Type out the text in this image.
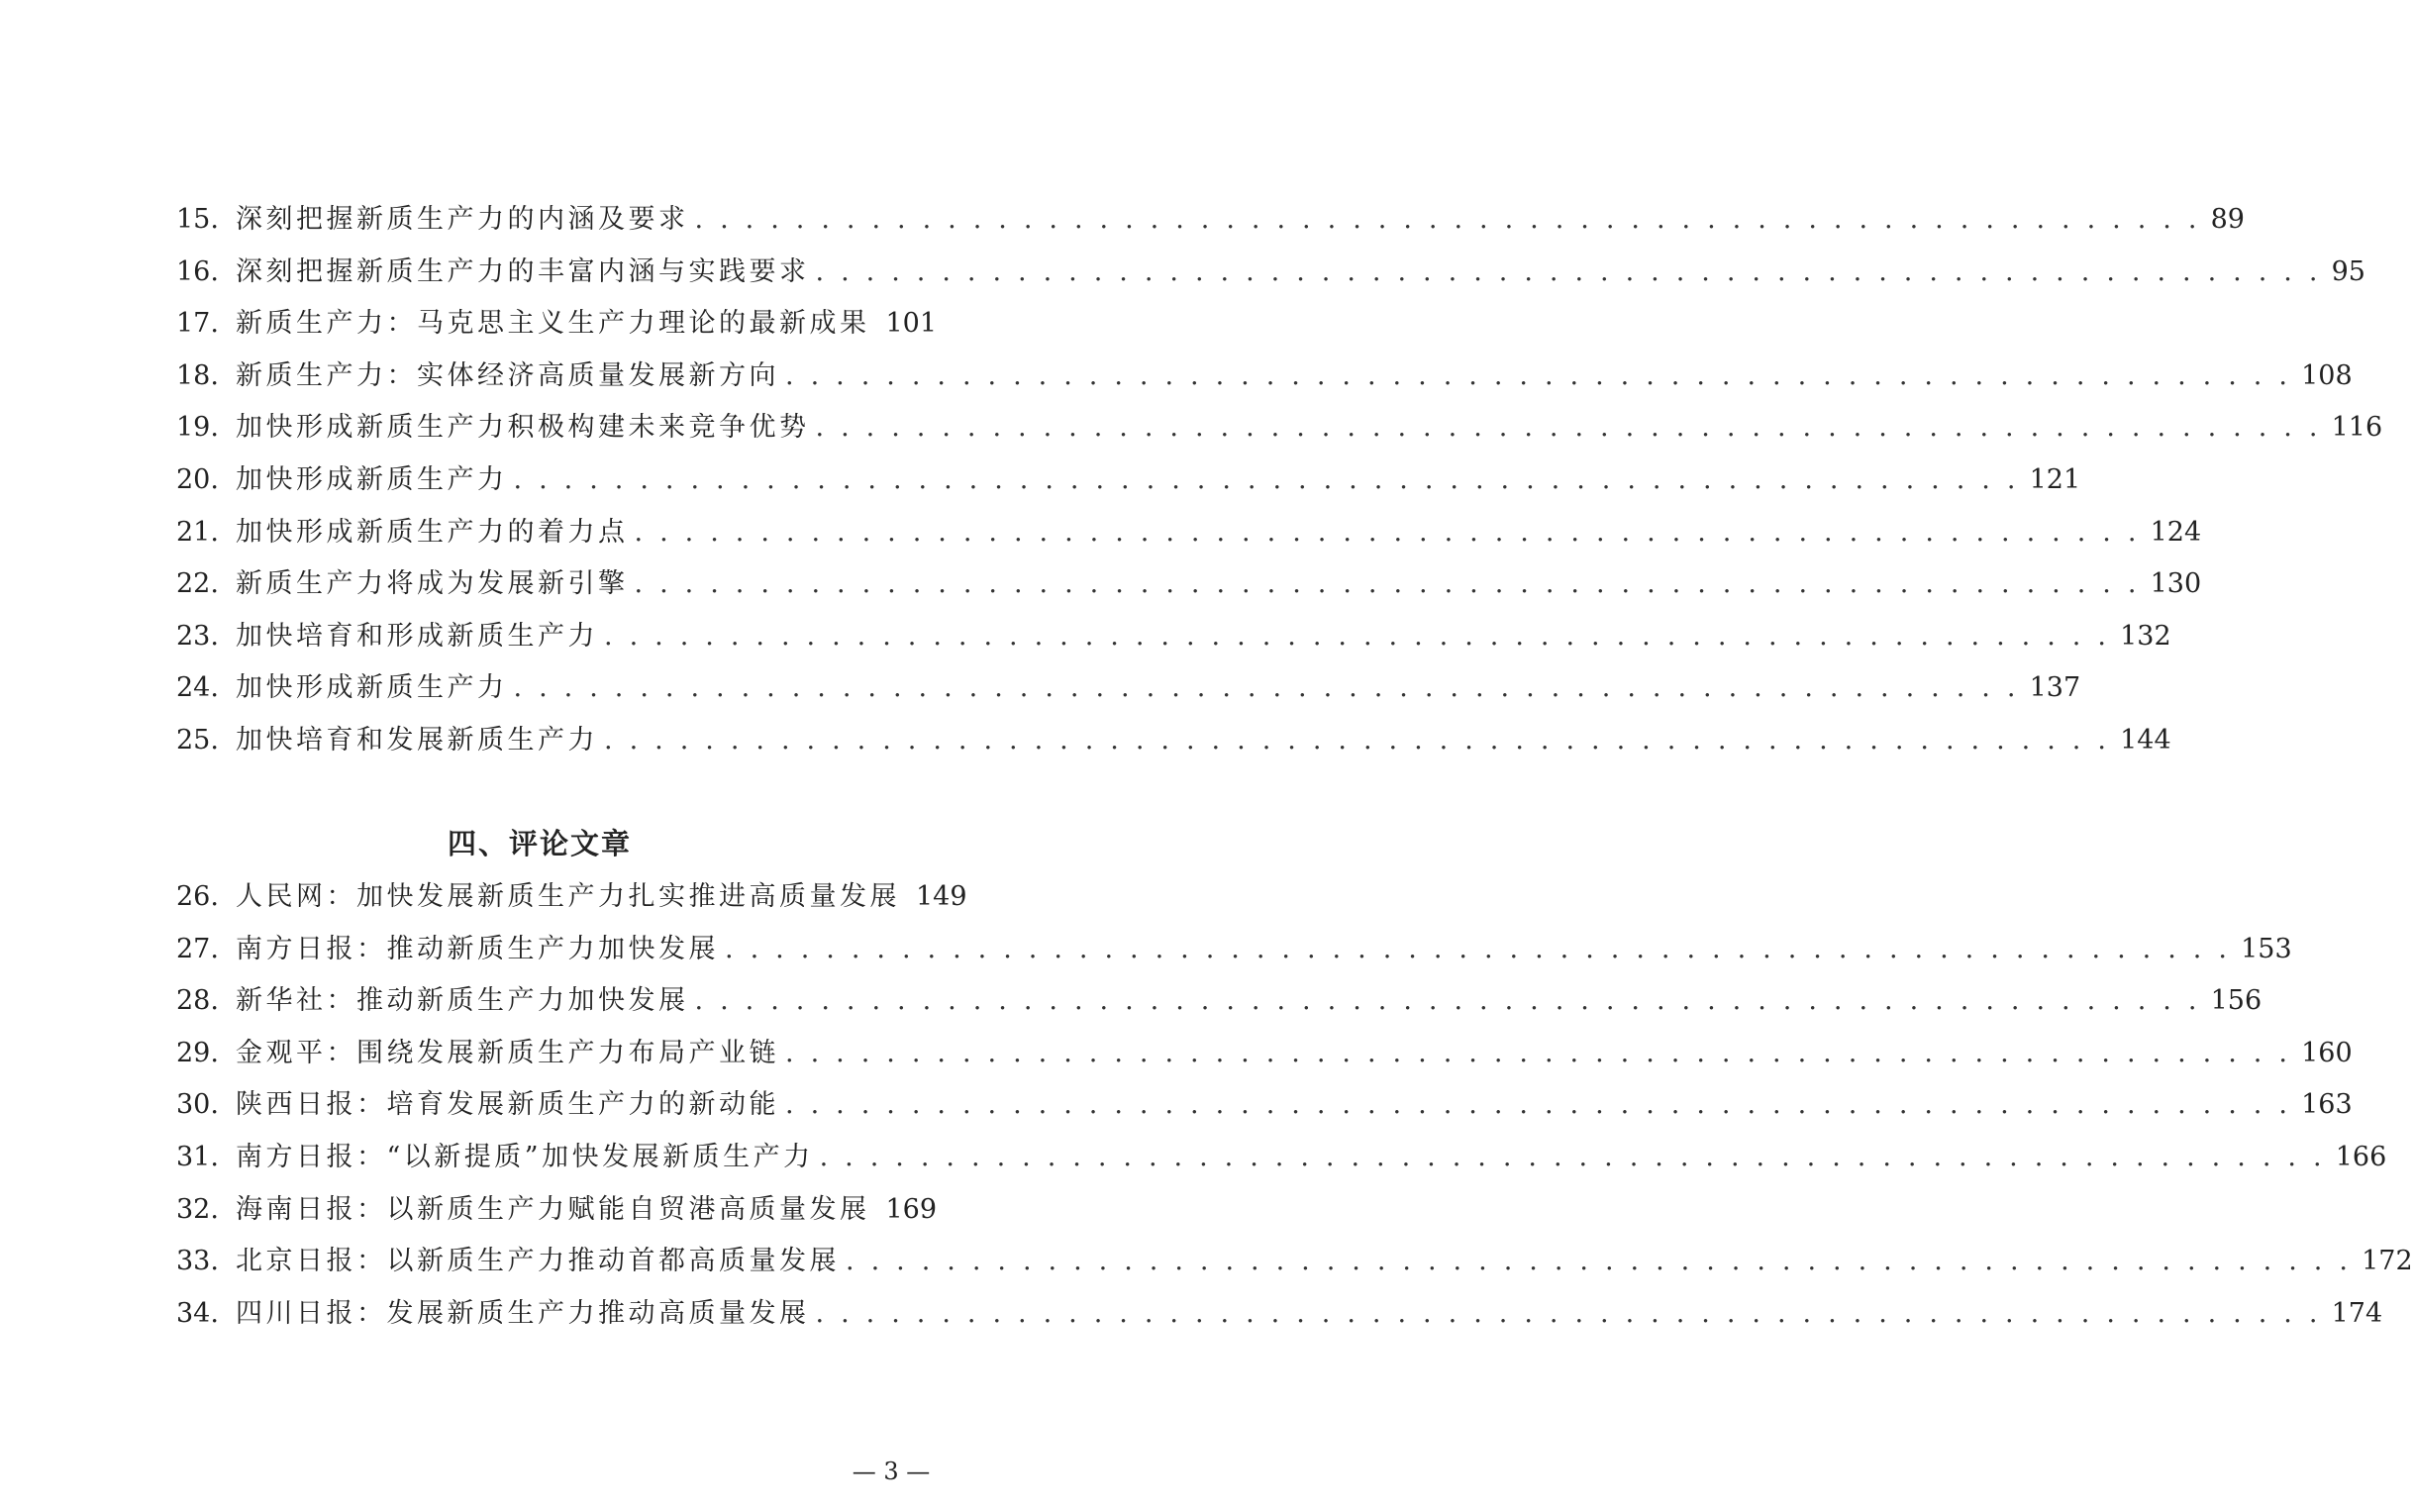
15. 深刻把握新质生产力的内涵及要求 . . . . . . . . . . . . . . . . . . . . . . . . . . . . . . . . . . . . . . . . . . . . . . . . . . . . . . . . . . . . 89
16. 深刻把握新质生产力的丰富内涵与实践要求 . . . . . . . . . . . . . . . . . . . . . . . . . . . . . . . . . . . . . . . . . . . . . . . . . . . . . . . . . . . . 95
17. 新质生产力：马克思主义生产力理论的最新成果 101
18. 新质生产力：实体经济高质量发展新方向 . . . . . . . . . . . . . . . . . . . . . . . . . . . . . . . . . . . . . . . . . . . . . . . . . . . . . . . . . . . . 108
19. 加快形成新质生产力积极构建未来竞争优势 . . . . . . . . . . . . . . . . . . . . . . . . . . . . . . . . . . . . . . . . . . . . . . . . . . . . . . . . . . . . 116
20. 加快形成新质生产力 . . . . . . . . . . . . . . . . . . . . . . . . . . . . . . . . . . . . . . . . . . . . . . . . . . . . . . . . . . . . 121
21. 加快形成新质生产力的着力点 . . . . . . . . . . . . . . . . . . . . . . . . . . . . . . . . . . . . . . . . . . . . . . . . . . . . . . . . . . . . 124
22. 新质生产力将成为发展新引擎 . . . . . . . . . . . . . . . . . . . . . . . . . . . . . . . . . . . . . . . . . . . . . . . . . . . . . . . . . . . . 130
23. 加快培育和形成新质生产力 . . . . . . . . . . . . . . . . . . . . . . . . . . . . . . . . . . . . . . . . . . . . . . . . . . . . . . . . . . . . 132
24. 加快形成新质生产力 . . . . . . . . . . . . . . . . . . . . . . . . . . . . . . . . . . . . . . . . . . . . . . . . . . . . . . . . . . . . 137
25. 加快培育和发展新质生产力 . . . . . . . . . . . . . . . . . . . . . . . . . . . . . . . . . . . . . . . . . . . . . . . . . . . . . . . . . . . . 144
四、评论文章
26. 人民网：加快发展新质生产力扎实推进高质量发展 149
27. 南方日报：推动新质生产力加快发展 . . . . . . . . . . . . . . . . . . . . . . . . . . . . . . . . . . . . . . . . . . . . . . . . . . . . . . . . . . . . 153
28. 新华社：推动新质生产力加快发展 . . . . . . . . . . . . . . . . . . . . . . . . . . . . . . . . . . . . . . . . . . . . . . . . . . . . . . . . . . . . 156
29. 金观平：围绕发展新质生产力布局产业链 . . . . . . . . . . . . . . . . . . . . . . . . . . . . . . . . . . . . . . . . . . . . . . . . . . . . . . . . . . . . 160
30. 陕西日报：培育发展新质生产力的新动能 . . . . . . . . . . . . . . . . . . . . . . . . . . . . . . . . . . . . . . . . . . . . . . . . . . . . . . . . . . . . 163
31. 南方日报：“以新提质”加快发展新质生产力 . . . . . . . . . . . . . . . . . . . . . . . . . . . . . . . . . . . . . . . . . . . . . . . . . . . . . . . . . . . . 166
32. 海南日报：以新质生产力赋能自贸港高质量发展 169
33. 北京日报：以新质生产力推动首都高质量发展 . . . . . . . . . . . . . . . . . . . . . . . . . . . . . . . . . . . . . . . . . . . . . . . . . . . . . . . . . . . . 172
34. 四川日报：发展新质生产力推动高质量发展 . . . . . . . . . . . . . . . . . . . . . . . . . . . . . . . . . . . . . . . . . . . . . . . . . . . . . . . . . . . . 174
— 3 —
